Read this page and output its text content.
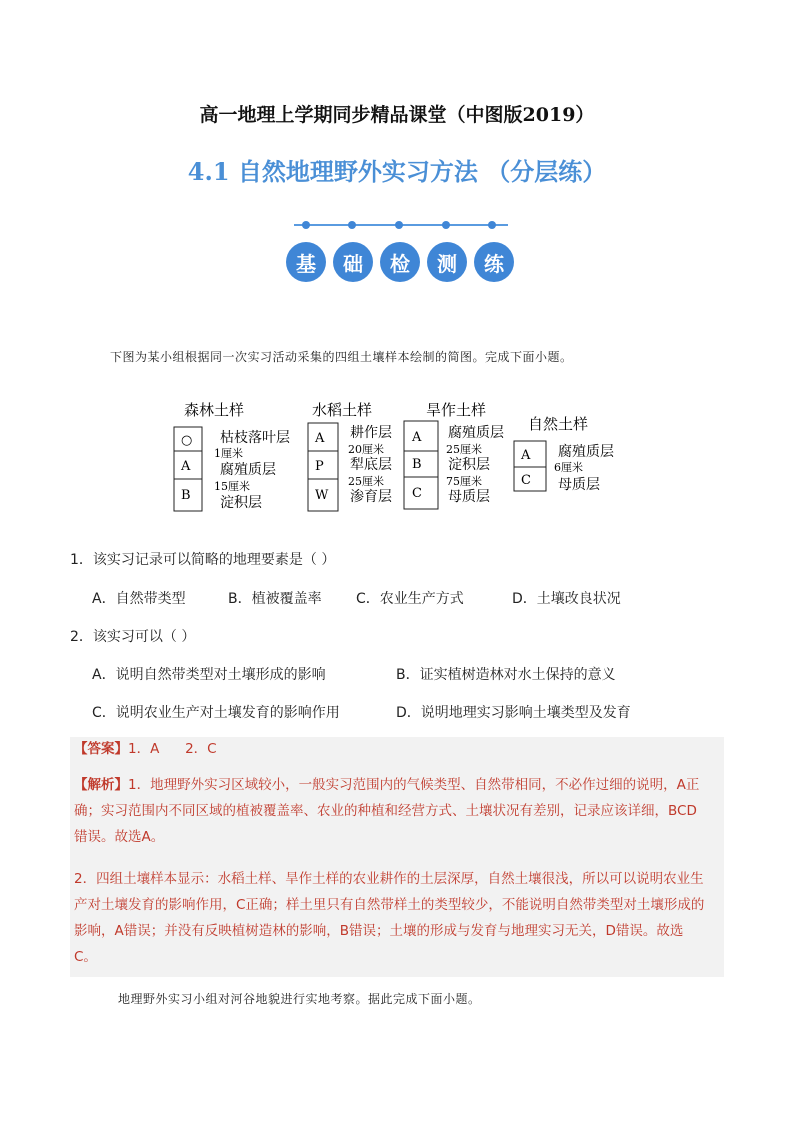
高一地理上学期同步精品课堂（中图版2019）
4.1 自然地理野外实习方法 （分层练）
基	础	检	测	练
下图为某小组根据同一次实习活动采集的四组土壤样本绘制的简图。完成下面小题。
森林土样
○
A
B
枯枝落叶层
1厘米
腐殖质层
15厘米
淀积层
水稻土样
A
P
W
耕作层
20厘米
犁底层
25厘米
渗育层
旱作土样
A
B
C
腐殖质层
25厘米
淀积层
75厘米
母质层
自然土样
A
C
腐殖质层
6厘米
母质层
1．该实习记录可以简略的地理要素是（ ）
A．自然带类型	B．植被覆盖率 C．农业生产方式	D．土壤改良状况
2．该实习可以（ ）
A．说明自然带类型对土壤形成的影响	B．证实植树造林对水土保持的意义
C．说明农业生产对土壤发育的影响作用	D．说明地理实习影响土壤类型及发育
【答案】1．A      2．C
【解析】1．地理野外实习区域较小，一般实习范围内的气候类型、自然带相同，不必作过细的说明，A正
确；实习范围内不同区域的植被覆盖率、农业的种植和经营方式、土壤状况有差别，记录应该详细，BCD
错误。故选A。
2．四组土壤样本显示：水稻土样、旱作土样的农业耕作的土层深厚，自然土壤很浅，所以可以说明农业生
产对土壤发育的影响作用，C正确；样土里只有自然带样土的类型较少，不能说明自然带类型对土壤形成的
影响，A错误；并没有反映植树造林的影响，B错误；土壤的形成与发育与地理实习无关，D错误。故选
C。
地理野外实习小组对河谷地貌进行实地考察。据此完成下面小题。
